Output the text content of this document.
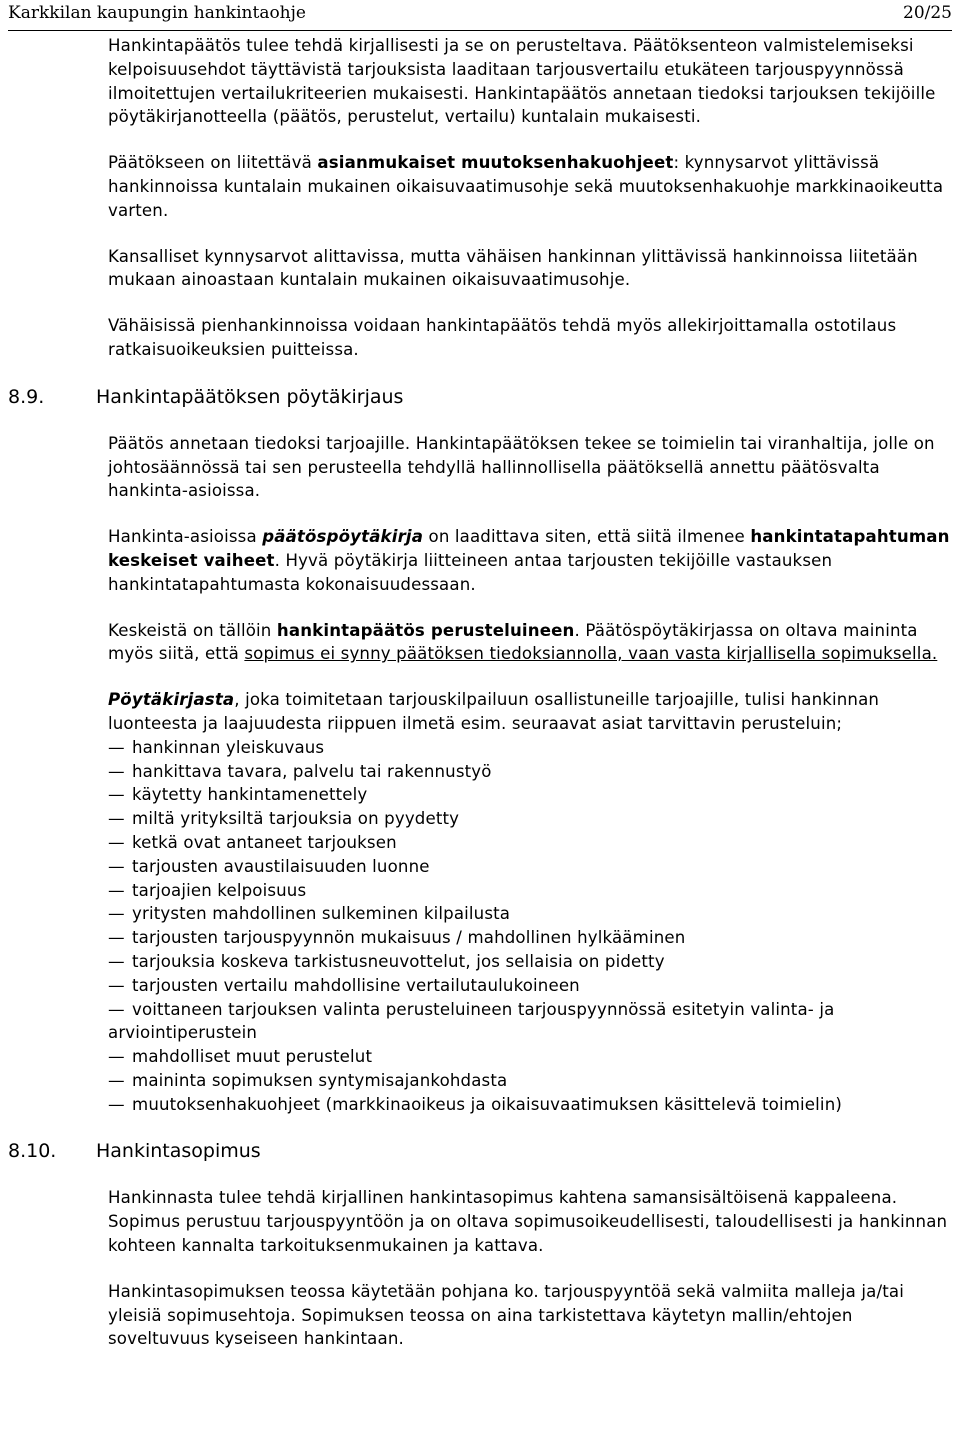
Karkkilan kaupungin hankintaohje	20/25

Hankintapäätös tulee tehdä kirjallisesti ja se on perusteltava. Päätöksenteon valmistelemiseksi kelpoisuusehdot täyttävistä tarjouksista laaditaan tarjousvertailu etukäteen tarjouspyynnössä ilmoitettujen vertailukriteerien mukaisesti. Hankintapäätös annetaan tiedoksi tarjouksen tekijöille pöytäkirjanotteella (päätös, perustelut, vertailu) kuntalain mukaisesti.

Päätökseen on liitettävä asianmukaiset muutoksenhakuohjeet: kynnysarvot ylittävissä hankinnoissa kuntalain mukainen oikaisuvaatimusohje sekä muutoksenhakuohje markkinaoikeutta varten.

Kansalliset kynnysarvot alittavissa, mutta vähäisen hankinnan ylittävissä hankinnoissa liitetään mukaan ainoastaan kuntalain mukainen oikaisuvaatimusohje.

Vähäisissä pienhankinnoissa voidaan hankintapäätös tehdä myös allekirjoittamalla ostotilaus ratkaisuoikeuksien puitteissa.

8.9.	Hankintapäätöksen pöytäkirjaus

Päätös annetaan tiedoksi tarjoajille. Hankintapäätöksen tekee se toimielin tai viranhaltija, jolle on johtosäännössä tai sen perusteella tehdyllä hallinnollisella päätöksellä annettu päätösvalta hankinta-asioissa.

Hankinta-asioissa päätöspöytäkirja on laadittava siten, että siitä ilmenee hankintatapahtuman keskeiset vaiheet. Hyvä pöytäkirja liitteineen antaa tarjousten tekijöille vastauksen hankintatapahtumasta kokonaisuudessaan.

Keskeistä on tällöin hankintapäätös perusteluineen. Päätöspöytäkirjassa on oltava maininta myös siitä, että sopimus ei synny päätöksen tiedoksiannolla, vaan vasta kirjallisella sopimuksella.

Pöytäkirjasta, joka toimitetaan tarjouskilpailuun osallistuneille tarjoajille, tulisi hankinnan luonteesta ja laajuudesta riippuen ilmetä esim. seuraavat asiat tarvittavin perusteluin;

— hankinnan yleiskuvaus
— hankittava tavara, palvelu tai rakennustyö
— käytetty hankintamenettely
— miltä yrityksiltä tarjouksia on pyydetty
— ketkä ovat antaneet tarjouksen
— tarjousten avaustilaisuuden luonne
— tarjoajien kelpoisuus
— yritysten mahdollinen sulkeminen kilpailusta
— tarjousten tarjouspyynnön mukaisuus / mahdollinen hylkääminen
— tarjouksia koskeva tarkistusneuvottelut, jos sellaisia on pidetty
— tarjousten vertailu mahdollisine vertailutaulukoineen
— voittaneen tarjouksen valinta perusteluineen tarjouspyynnössä esitetyin valinta- ja arviointiperustein
— mahdolliset muut perustelut
— maininta sopimuksen syntymisajankohdasta
— muutoksenhakuohjeet (markkinaoikeus ja oikaisuvaatimuksen käsittelevä toimielin)
8.10. Hankintasopimus

Hankinnasta tulee tehdä kirjallinen hankintasopimus kahtena samansisältöisenä kappaleena. Sopimus perustuu tarjouspyyntöön ja on oltava sopimusoikeudellisesti, taloudellisesti ja hankinnan kohteen kannalta tarkoituksenmukainen ja kattava.

Hankintasopimuksen teossa käytetään pohjana ko. tarjouspyyntöä sekä valmiita malleja ja/tai yleisiä sopimusehtoja. Sopimuksen teossa on aina tarkistettava käytetyn mallin/ehtojen soveltuvuus kyseiseen hankintaan.
